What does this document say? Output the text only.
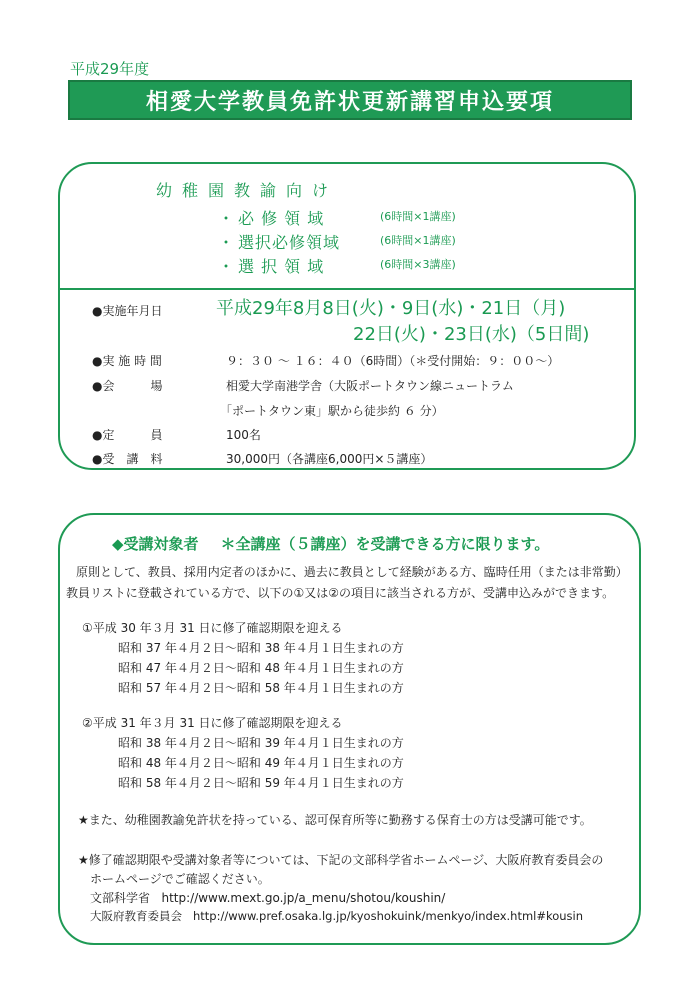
平成29年度
相愛大学教員免許状更新講習申込要項
幼稚園教諭向け
・ 必 修 領 域	(6時間×1講座)
・ 選択必修領域	(6時間×1講座)
・ 選 択 領 域	(6時間×3講座)
●実施年月日	平成29年8月8日(火)・9日(水)・21日（月)
22日(火)・23日(水)（5日間)
●実 施 時 間	９：３０ ～ １６：４０（6時間）（＊受付開始：９：００～）
●会　　　場	相愛大学南港学舎（大阪ポートタウン線ニュートラム
「ポートタウン東」駅から徒歩約 ６ 分）
●定　　　員	100名
●受　講　料	30,000円（各講座6,000円×５講座）
◆受講対象者 ＊全講座（５講座）を受講できる方に限ります。
原則として、教員、採用内定者のほかに、過去に教員として経験がある方、臨時任用（または非常勤）
教員リストに登載されている方で、以下の①又は②の項目に該当される方が、受講申込みができます。
①平成 30 年３月 31 日に修了確認期限を迎える
昭和 37 年４月２日～昭和 38 年４月１日生まれの方
昭和 47 年４月２日～昭和 48 年４月１日生まれの方
昭和 57 年４月２日～昭和 58 年４月１日生まれの方
②平成 31 年３月 31 日に修了確認期限を迎える
昭和 38 年４月２日～昭和 39 年４月１日生まれの方
昭和 48 年４月２日～昭和 49 年４月１日生まれの方
昭和 58 年４月２日～昭和 59 年４月１日生まれの方
★また、幼稚園教諭免許状を持っている、認可保育所等に勤務する保育士の方は受講可能です。
★修了確認期限や受講対象者等については、下記の文部科学省ホームページ、大阪府教育委員会の
ホームページでご確認ください。
文部科学省 http://www.mext.go.jp/a_menu/shotou/koushin/
大阪府教育委員会 http://www.pref.osaka.lg.jp/kyoshokuink/menkyo/index.html#kousin
